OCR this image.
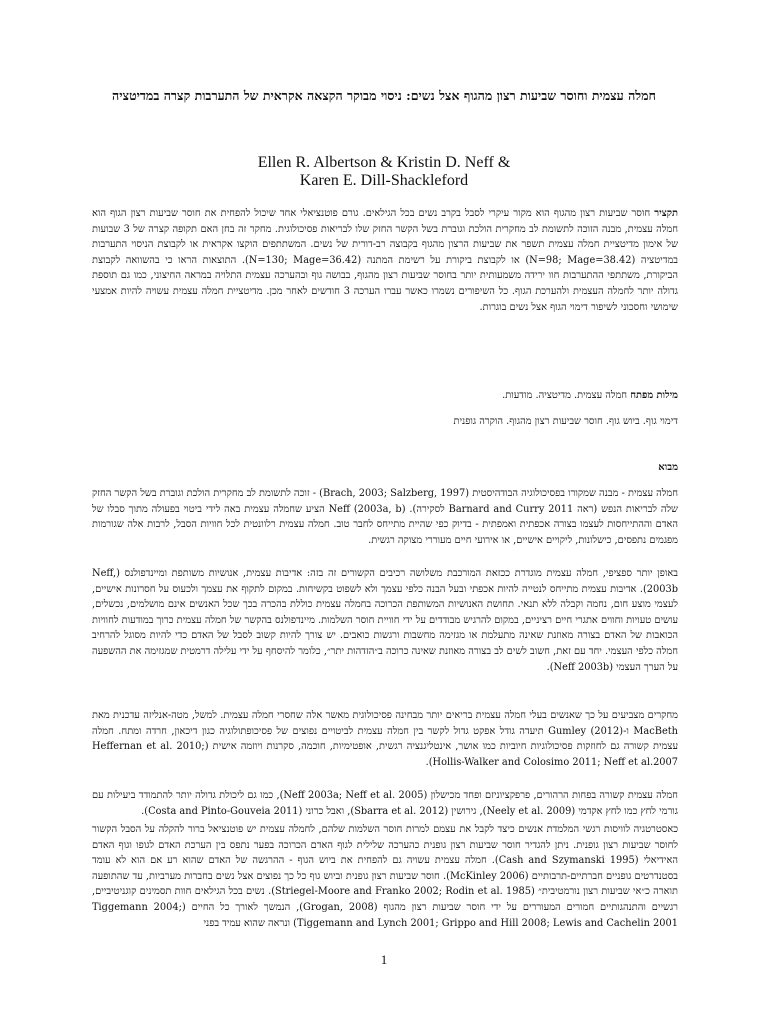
חמלה עצמית וחוסר שביעות רצון מהגוף אצל נשים: ניסוי מבוקר הקצאה אקראית של התערבות קצרה במדיטציה
Ellen R. Albertson & Kristin D. Neff &
Karen E. Dill-Shackleford

תקציר חוסר שביעות רצון מהגוף הוא מקור עיקרי לסבל בקרב נשים בכל הגילאים. גורם פוטנציאלי אחד שיכול להפחית את חוסר שביעות רצון הגוף הוא חמלה עצמית, מבנה הזוכה לתשומת לב מחקרית הולכת וגוברת בשל הקשר החזק שלו לבריאות פסיכולוגית. מחקר זה בחן האם תקופה קצרה של 3 שבועות של אימון מדיטציית חמלה עצמית תשפר את שביעות הרצון מהגוף בקבוצה רב-דורית של נשים. המשתתפים הוקצו אקראית או לקבוצת הניסוי התערבות במדיטציה (N=98; Mage=38.42) או לקבוצת ביקורת על רשימת המתנה (N=130; Mage=36.42). התוצאות הראו כי בהשוואה לקבוצת הביקורת, משתתפי ההתערבות חוו ירידה משמעותית יותר בחוסר שביעות רצון מהגוף, בבושה גוף ובהערכה עצמית התלויה במראה החיצוני, כמו גם תוספת גדולה יותר לחמלה העצמית ולהערכת הגוף. כל השיפורים נשמרו כאשר עברו הערכה 3 חודשים לאחר מכן. מדיטציית חמלה עצמית עשויה להיות אמצעי שימושי וחסכוני לשיפור דימוי הגוף אצל נשים בוגרות.

מילות מפתח חמלה עצמית. מדיטציה. מודעות.
דימוי גוף. ביוש גוף. חוסר שביעות רצון מהגוף. הוקרה גופנית
מבוא

חמלה עצמית - מבנה שמקורו בפסיכולוגיה הבודהיסטית (Brach, 2003; Salzberg, 1997) - זוכה לתשומת לב מחקרית הולכת וגוברת בשל הקשר החזק שלה לבריאות הנפש (ראה Barnard and Curry 2011 לסקירה). Neff (2003a, b) הציע שחמלה עצמית באה לידי ביטוי בפעולה מתוך סבלו של האדם וההתייחסות לעצמו בצורה אכפתית ואמפתית - בדיוק כפי שהיית מתייחס לחבר טוב. חמלה עצמית רלוונטית לכל חוויות הסבל, לרבות אלה שגורמות מפגמים נתפסים, כישלונות, ליקויים אישיים, או אירועי חיים מעוררי מצוקה רגשית.

באופן יותר ספציפי, חמלה עצמית מוגדרת ככזאת המורכבת משלושה רכיבים הקשורים זה בזה: אדיבות עצמית, אנושיות משותפת ומיינדפולנס (Neff, 2003b). אדיבות עצמית מתייחס לנטייה להיות אכפתי ובעל הבנה כלפי עצמך ולא לשפוט בקשיחות. במקום לתקוף את עצמך ולכעוס על חסרונות אישיים, לעצמי מוצע חום, נחמה וקבלה ללא תנאי. תחושת האנושיות המשותפת הכרוכה בחמלה עצמית כוללת בהכרה בכך שכל האנשים אינם מושלמים, נכשלים, עושים טעויות וחווים אתגרי חיים רציניים, במקום להרגיש מבודדים על ידי חוויית חוסר השלמות. מיינדפולנס בהקשר של חמלה עצמית כרוך במודעות לחוויות הכואבות של האדם בצורה מאוזנת שאינה מתעלמת או מגזימה מחשבות ורגשות כואבים. יש צורך להיות קשוב לסבל של האדם כדי להיות מסוגל להרחיב חמלה כלפי העצמי. יחד עם זאת, חשוב לשים לב בצורה מאוזנת שאינה כרוכה ב״הזדהות יתר״, כלומר להיסחף על ידי עלילה דרמטית שמגזימה את ההשפעה על הערך העצמי (Neff 2003b).

מחקרים מצביעים על כך שאנשים בעלי חמלה עצמית בריאים יותר מבחינה פסיכולוגית מאשר אלה שחסרי חמלה עצמית. למשל, מטה-אנליזה עדכנית מאת MacBeth ו-Gumley (2012) תיעדה גודל אפקט גדול לקשר בין חמלה עצמית לביטויים נפוצים של פסיכופתולוגיה כגון דיכאון, חרדה ומתח. חמלה עצמית קשורה גם לחוזקות פסיכולוגיות חיוביות כמו אושר, אינטליגנציה רגשית, אופטימיות, חוכמה, סקרנות ויוזמה אישית (Heffernan et al. 2010; Hollis-Walker and Colosimo 2011; Neff et al.2007).

חמלה עצמית קשורה בפחות הרהורים, פרפקציוניזם ופחד מכישלון (Neff 2003a; Neff et al. 2005), כמו גם ליכולת גדולה יותר להתמודד ביעילות עם גורמי לחץ כמו לחץ אקדמי (Neely et al. 2009), גירושין (Sbarra et al. 2012), ואבל כרוני (Costa and Pinto-Gouveia 2011).

כאסטרטגיה לוויסות רגשי המלמדת אנשים כיצד לקבל את עצמם למרות חוסר השלמות שלהם, לחמלה עצמית יש פוטנציאל ברור להקלה על הסבל הקשור לחוסר שביעות רצון גופנית. ניתן להגדיר חוסר שביעות רצון גופנית כהערכה שלילית לגוף האדם הכרוכה בפער נתפס בין הערכת האדם לגופו וגוף האדם האידיאלי (Cash and Szymanski 1995). חמלה עצמית עשויה גם להפחית את ביוש הגוף - ההרגשה של האדם שהוא רע אם הוא לא עומד בסטנדרטים גופניים חברתיים-תרבותיים (McKinley 2006). חוסר שביעות רצון גופנית וביוש גוף כל כך נפוצים אצל נשים בחברות מערביות, עד שהתופעה תוארה כ״אי שביעות רצון נורמטיבית״ (Striegel-Moore and Franko 2002; Rodin et al. 1985). נשים בכל הגילאים חוות תסמינים קוגניטיביים, רגשיים והתנהגותיים חמורים המעוררים על ידי חוסר שביעות רצון מהגוף (Grogan, 2008), הנמשך לאורך כל החיים (Tiggemann 2004; Tiggemann and Lynch 2001; Grippo and Hill 2008; Lewis and Cachelin 2001) ונראה שהוא עמיד בפני

1
